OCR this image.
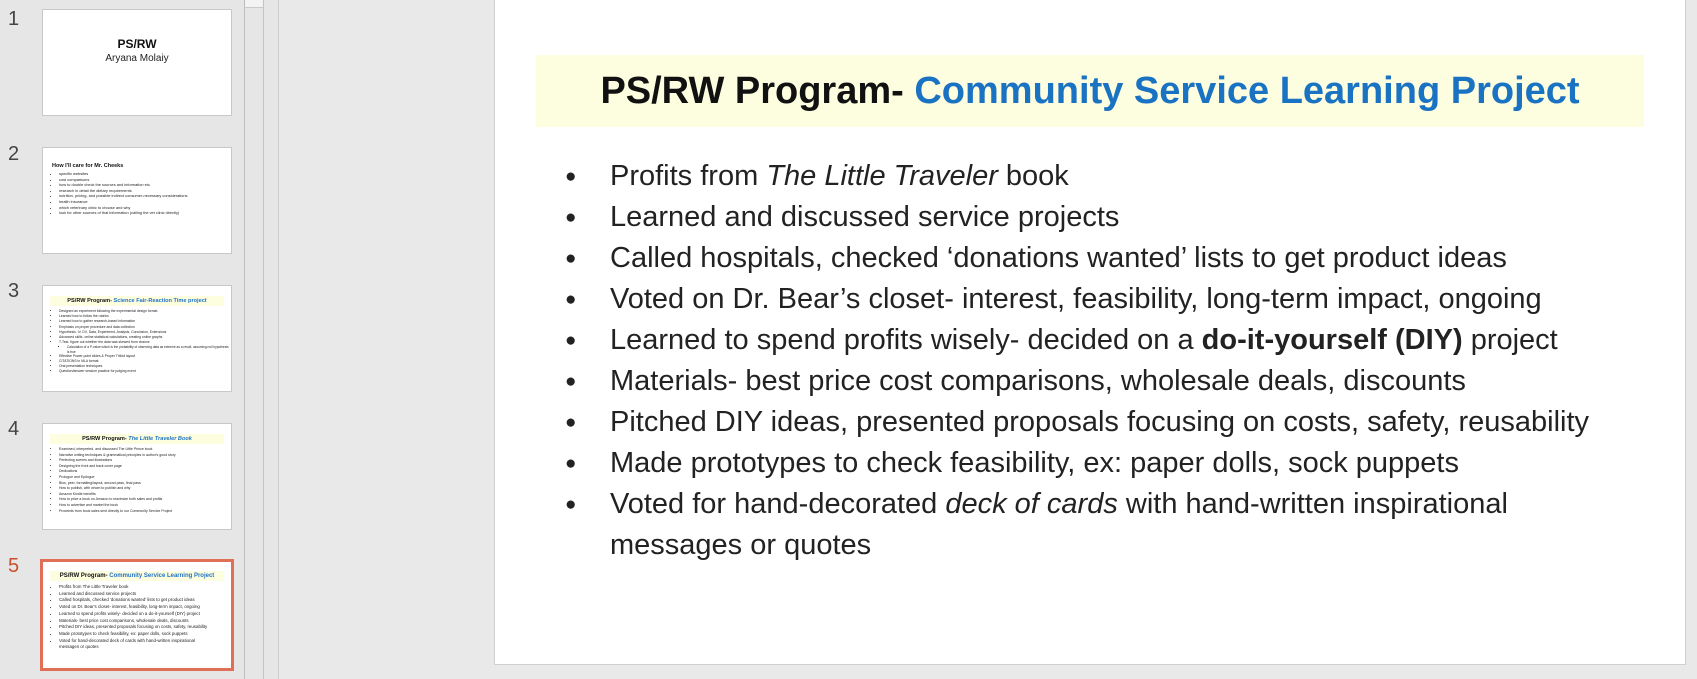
1
PS/RW
Aryana Molaiy
2
How I'll care for Mr. Cheeks
• specific websites
• cost comparisons
• how to double check the sources and information etc.
• research in detail the dietary requirements
• nutrition, pricing, and possible indirect consumer-necessary considerations
• health insurance
• which veterinary clinic to choose and why
• look for other sources of that information (calling the vet clinic directly)
3	PS/RW Program- Science Fair-Reaction Time project
• Designed an experiment following the experimental design format
• Learned how to follow the rubrics
• Learned how to gather research-based information
• Emphasis on proper procedure and data collection
• Hypothesis, IV, DV, Data, Experiment, Analysis, Conclusion, Extensions
• Advanced skills- online statistical calculations, creating online graphs
• T-Test- figure out whether the data was skewed from chance
▪ Calculation of a P-value which is the probability of observing data as extreme as a result, assuming null hypothesis is true
• Effective Power-point slides & Proper Trifold layout
• CITATIONS in MLA format
• Oral presentation techniques
• Question/answer session practice for judging event
4	PS/RW Program- The Little Traveler Book
• Examined, interpreted, and discussed The Little Prince book
• Narrative writing techniques & grammatical principles in author's good story
• Perfecting scenes and illustrations
• Designing the front and back cover page
• Dedications
• Prologue and Epilogue
• Bios, peer, formatting/layout, second pass, final pass
• How to publish, with whom to publish and why
• Amazon Kindle benefits
• How to price a book on Amazon to maximize both sales and profits
• How to advertise and market the book
• Proceeds from book sales sent directly to our Community Service Project
5	PS/RW Program- Community Service Learning Project
• Profits from The Little Traveler book
• Learned and discussed service projects
• Called hospitals, checked 'donations wanted' lists to get product ideas
• Voted on Dr. Bear's closet- interest, feasibility, long-term impact, ongoing
• Learned to spend profits wisely- decided on a do-it-yourself (DIY) project
• Materials- best price cost comparisons, wholesale deals, discounts
• Pitched DIY ideas, presented proposals focusing on costs, safety, reusability
• Made prototypes to check feasibility, ex: paper dolls, sock puppets
• Voted for hand-decorated deck of cards with hand-written inspirational
messages or quotes
PS/RW Program- Community Service Learning Project
● Profits from The Little Traveler book
● Learned and discussed service projects
● Called hospitals, checked ‘donations wanted’ lists to get product ideas
● Voted on Dr. Bear’s closet- interest, feasibility, long-term impact, ongoing
● Learned to spend profits wisely- decided on a do-it-yourself (DIY) project
● Materials- best price cost comparisons, wholesale deals, discounts
● Pitched DIY ideas, presented proposals focusing on costs, safety, reusability
● Made prototypes to check feasibility, ex: paper dolls, sock puppets
● Voted for hand-decorated deck of cards with hand-written inspirational
messages or quotes
